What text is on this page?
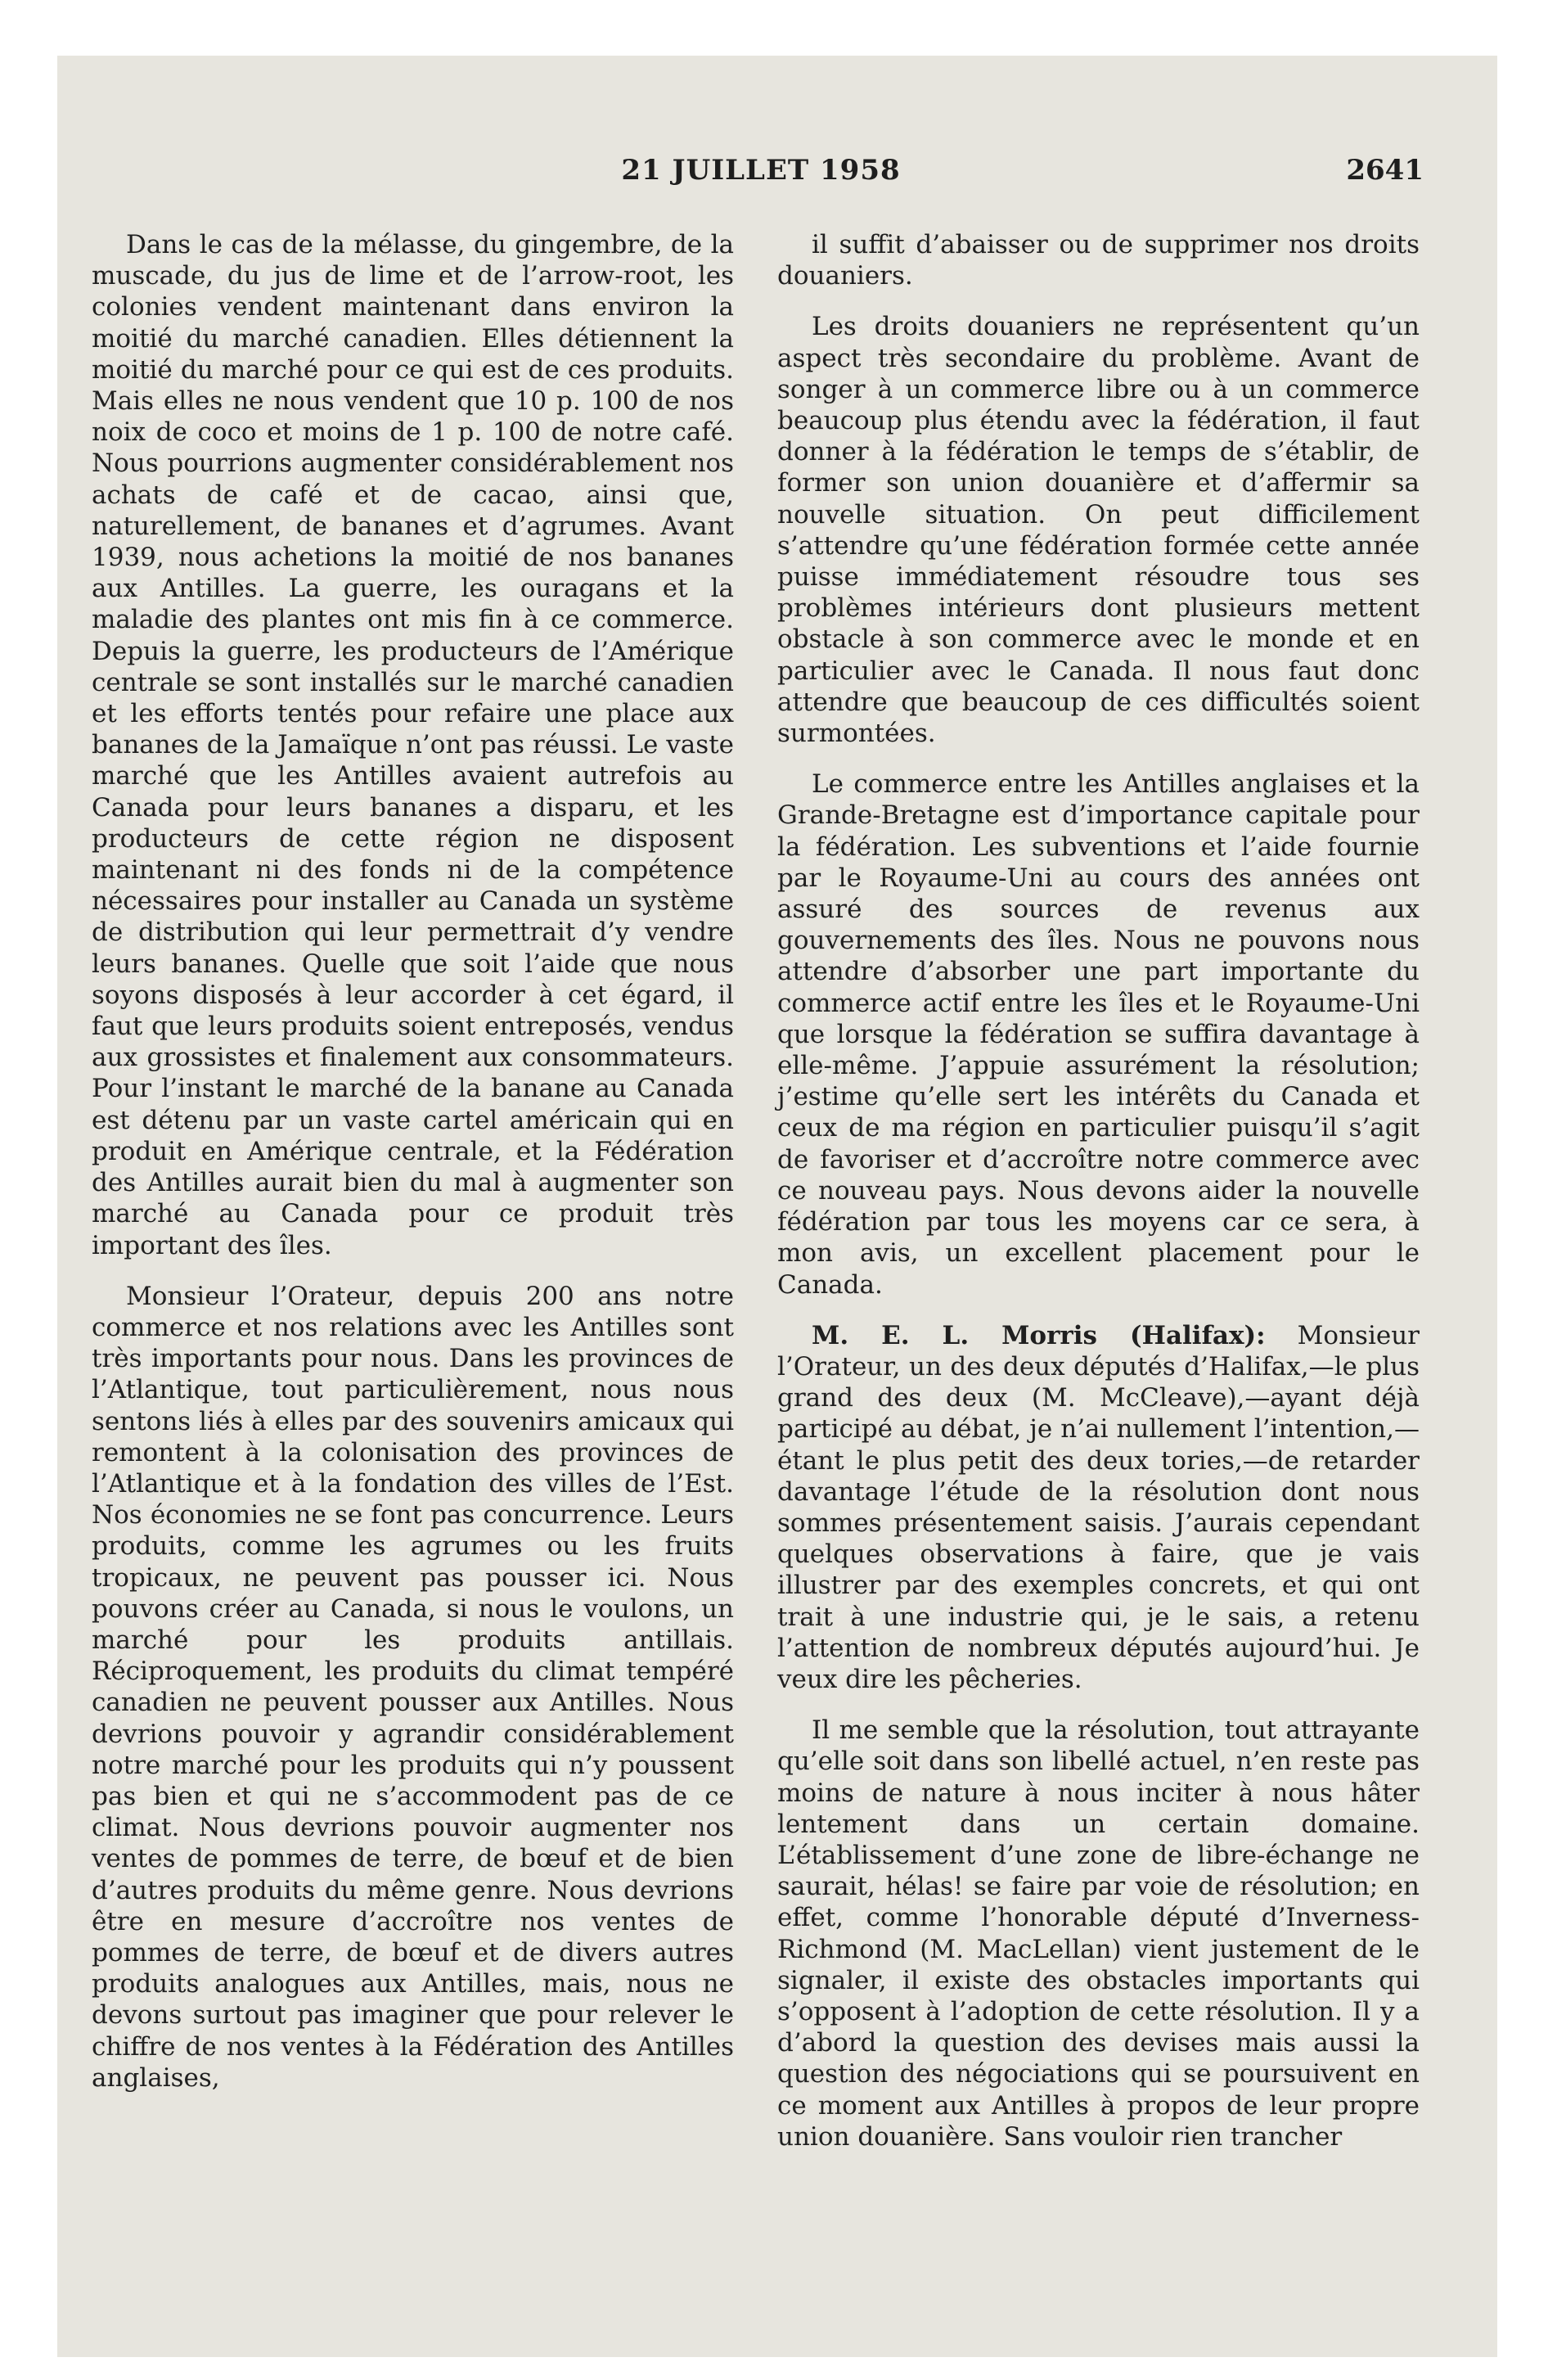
21 JUILLET 1958	2641

Dans le cas de la mélasse, du gingembre, de la muscade, du jus de lime et de l’arrow-root, les colonies vendent maintenant dans environ la moitié du marché canadien. Elles détiennent la moitié du marché pour ce qui est de ces produits. Mais elles ne nous vendent que 10 p. 100 de nos noix de coco et moins de 1 p. 100 de notre café. Nous pourrions augmenter considérablement nos achats de café et de cacao, ainsi que, naturellement, de bananes et d’agrumes. Avant 1939, nous achetions la moitié de nos bananes aux Antilles. La guerre, les ouragans et la maladie des plantes ont mis fin à ce commerce. Depuis la guerre, les producteurs de l’Amérique centrale se sont installés sur le marché canadien et les efforts tentés pour refaire une place aux bananes de la Jamaïque n’ont pas réussi. Le vaste marché que les Antilles avaient autrefois au Canada pour leurs bananes a disparu, et les producteurs de cette région ne disposent maintenant ni des fonds ni de la compétence nécessaires pour installer au Canada un système de distribution qui leur permettrait d’y vendre leurs bananes. Quelle que soit l’aide que nous soyons disposés à leur accorder à cet égard, il faut que leurs produits soient entreposés, vendus aux grossistes et finalement aux consommateurs. Pour l’instant le marché de la banane au Canada est détenu par un vaste cartel américain qui en produit en Amérique centrale, et la Fédération des Antilles aurait bien du mal à augmenter son marché au Canada pour ce produit très important des îles.

Monsieur l’Orateur, depuis 200 ans notre commerce et nos relations avec les Antilles sont très importants pour nous. Dans les provinces de l’Atlantique, tout particulièrement, nous nous sentons liés à elles par des souvenirs amicaux qui remontent à la colonisation des provinces de l’Atlantique et à la fondation des villes de l’Est. Nos économies ne se font pas concurrence. Leurs produits, comme les agrumes ou les fruits tropicaux, ne peuvent pas pousser ici. Nous pouvons créer au Canada, si nous le voulons, un marché pour les produits antillais. Réciproquement, les produits du climat tempéré canadien ne peuvent pousser aux Antilles. Nous devrions pouvoir y agrandir considérablement notre marché pour les produits qui n’y poussent pas bien et qui ne s’accommodent pas de ce climat. Nous devrions pouvoir augmenter nos ventes de pommes de terre, de bœuf et de bien d’autres produits du même genre. Nous devrions être en mesure d’accroître nos ventes de pommes de terre, de bœuf et de divers autres produits analogues aux Antilles, mais, nous ne devons surtout pas imaginer que pour relever le chiffre de nos ventes à la Fédération des Antilles anglaises,

il suffit d’abaisser ou de supprimer nos droits douaniers.

Les droits douaniers ne représentent qu’un aspect très secondaire du problème. Avant de songer à un commerce libre ou à un commerce beaucoup plus étendu avec la fédération, il faut donner à la fédération le temps de s’établir, de former son union douanière et d’affermir sa nouvelle situation. On peut difficilement s’attendre qu’une fédération formée cette année puisse immédiatement résoudre tous ses problèmes intérieurs dont plusieurs mettent obstacle à son commerce avec le monde et en particulier avec le Canada. Il nous faut donc attendre que beaucoup de ces difficultés soient surmontées.

Le commerce entre les Antilles anglaises et la Grande-Bretagne est d’importance capitale pour la fédération. Les subventions et l’aide fournie par le Royaume-Uni au cours des années ont assuré des sources de revenus aux gouvernements des îles. Nous ne pouvons nous attendre d’absorber une part importante du commerce actif entre les îles et le Royaume-Uni que lorsque la fédération se suffira davantage à elle-même. J’appuie assurément la résolution; j’estime qu’elle sert les intérêts du Canada et ceux de ma région en particulier puisqu’il s’agit de favoriser et d’accroître notre commerce avec ce nouveau pays. Nous devons aider la nouvelle fédération par tous les moyens car ce sera, à mon avis, un excellent placement pour le Canada.

M. E. L. Morris (Halifax): Monsieur l’Orateur, un des deux députés d’Halifax,—le plus grand des deux (M. McCleave),—ayant déjà participé au débat, je n’ai nullement l’intention,—étant le plus petit des deux tories,—de retarder davantage l’étude de la résolution dont nous sommes présentement saisis. J’aurais cependant quelques observations à faire, que je vais illustrer par des exemples concrets, et qui ont trait à une industrie qui, je le sais, a retenu l’attention de nombreux députés aujourd’hui. Je veux dire les pêcheries.

Il me semble que la résolution, tout attrayante qu’elle soit dans son libellé actuel, n’en reste pas moins de nature à nous inciter à nous hâter lentement dans un certain domaine. L’établissement d’une zone de libre-échange ne saurait, hélas! se faire par voie de résolution; en effet, comme l’honorable député d’Inverness-Richmond (M. MacLellan) vient justement de le signaler, il existe des obstacles importants qui s’opposent à l’adoption de cette résolution. Il y a d’abord la question des devises mais aussi la question des négociations qui se poursuivent en ce moment aux Antilles à propos de leur propre union douanière. Sans vouloir rien trancher
